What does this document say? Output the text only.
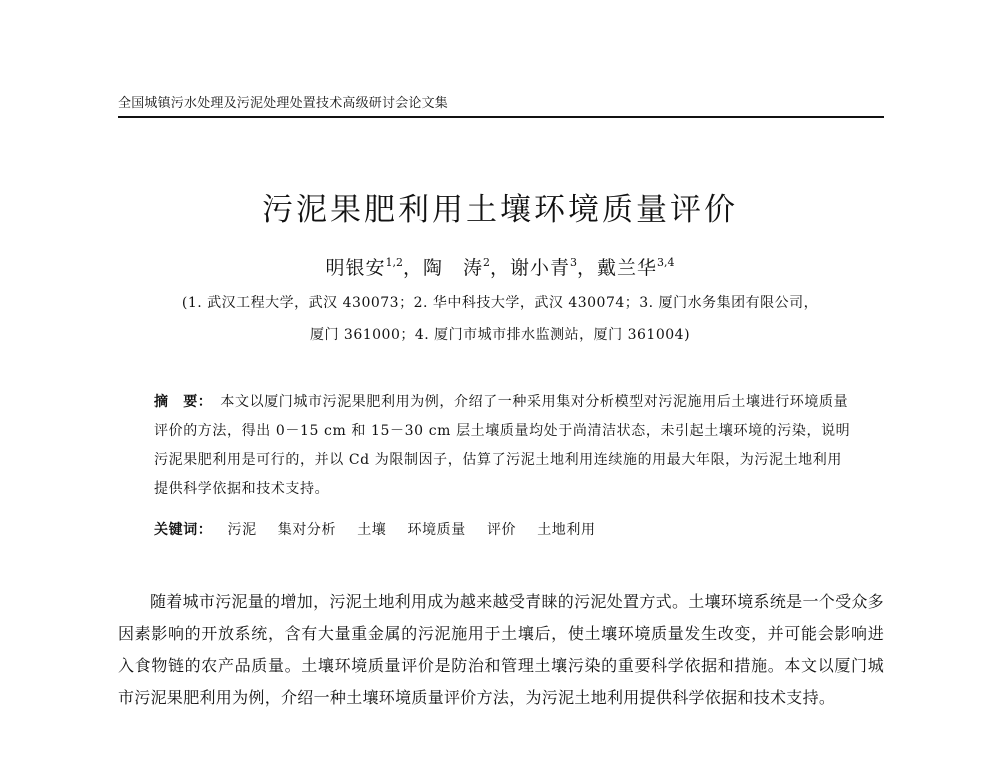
全国城镇污水处理及污泥处理处置技术高级研讨会论文集
污泥果肥利用土壤环境质量评价
明银安$^{1,2}$，陶　涛$^2$，谢小青$^3$，戴兰华$^{3,4}$
(1. 武汉工程大学，武汉 430073；2. 华中科技大学，武汉 430074；3. 厦门水务集团有限公司，
厦门 361000；4. 厦门市城市排水监测站，厦门 361004)
摘　要： 本文以厦门城市污泥果肥利用为例，介绍了一种采用集对分析模型对污泥施用后土壤进行环境质量评价的方法，得出 0－15 cm 和 15－30 cm 层土壤质量均处于尚清洁状态，未引起土壤环境的污染，说明污泥果肥利用是可行的，并以 Cd 为限制因子，估算了污泥土地利用连续施的用最大年限，为污泥土地利用提供科学依据和技术支持。
关键词： 污泥 集对分析 土壤 环境质量 评价 土地利用
随着城市污泥量的增加，污泥土地利用成为越来越受青睐的污泥处置方式。土壤环境系统是一个受众多因素影响的开放系统，含有大量重金属的污泥施用于土壤后，使土壤环境质量发生改变，并可能会影响进入食物链的农产品质量。土壤环境质量评价是防治和管理土壤污染的重要科学依据和措施。本文以厦门城市污泥果肥利用为例，介绍一种土壤环境质量评价方法，为污泥土地利用提供科学依据和技术支持。
